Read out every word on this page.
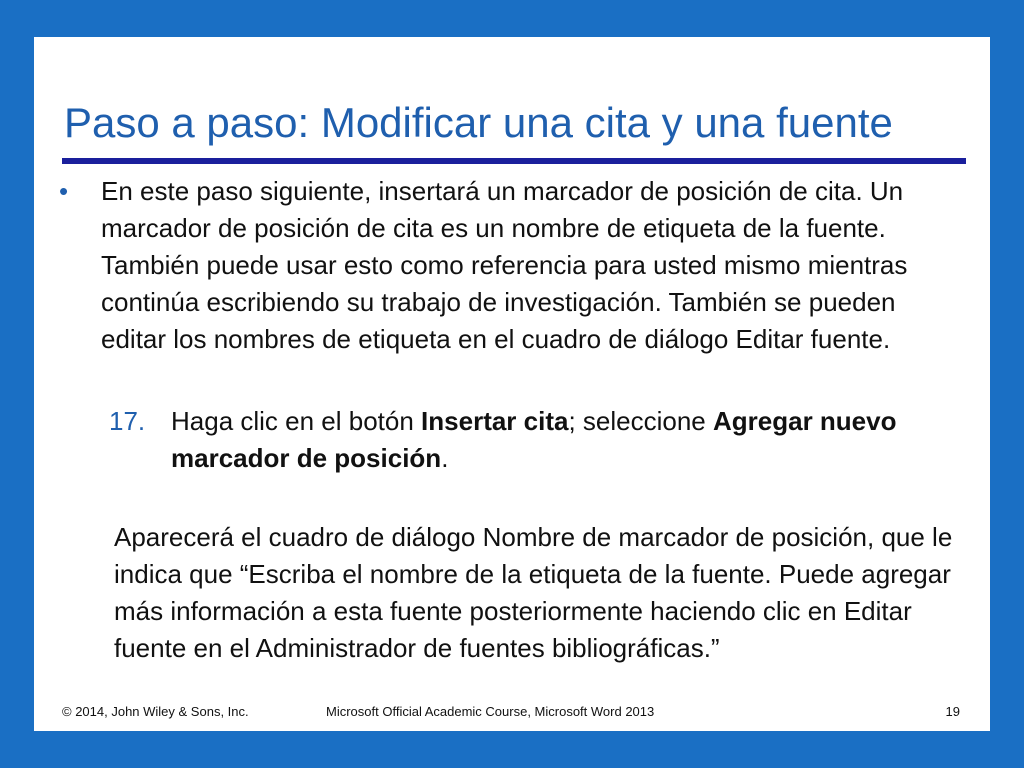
Paso a paso: Modificar una cita y una fuente
• En este paso siguiente, insertará un marcador de posición de cita. Un marcador de posición de cita es un nombre de etiqueta de la fuente. También puede usar esto como referencia para usted mismo mientras continúa escribiendo su trabajo de investigación. También se pueden editar los nombres de etiqueta en el cuadro de diálogo Editar fuente.

17. Haga clic en el botón Insertar cita; seleccione Agregar nuevo marcador de posición.

Aparecerá el cuadro de diálogo Nombre de marcador de posición, que le indica que “Escriba el nombre de la etiqueta de la fuente. Puede agregar más información a esta fuente posteriormente haciendo clic en Editar fuente en el Administrador de fuentes bibliográficas.”

© 2014, John Wiley & Sons, Inc.	Microsoft Official Academic Course, Microsoft Word 2013	19
